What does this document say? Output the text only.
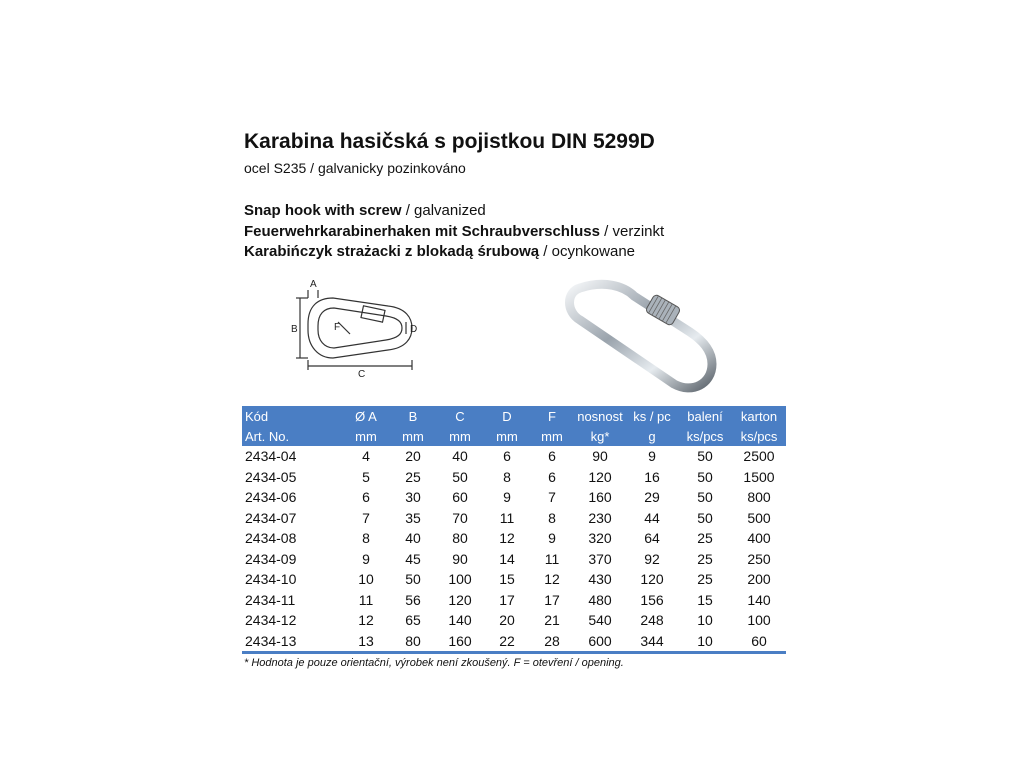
Karabina hasičská s pojistkou DIN 5299D
ocel S235 / galvanicky pozinkováno
Snap hook with screw / galvanized
Feuerwehrkarabinerhaken mit Schraubverschluss / verzinkt
Karabińczyk strażacki z blokadą śrubową / ocynkowane
A
B
C
D
F
Kód	Ø A	B	C	D	F	nosnost	ks / pc	balení	karton
Art. No.	mm	mm	mm	mm	mm	kg*	g	ks/pcs	ks/pcs
2434-04	4	20	40	6	6	90	9	50	2500
2434-05	5	25	50	8	6	120	16	50	1500
2434-06	6	30	60	9	7	160	29	50	800
2434-07	7	35	70	11	8	230	44	50	500
2434-08	8	40	80	12	9	320	64	25	400
2434-09	9	45	90	14	11	370	92	25	250
2434-10	10	50	100	15	12	430	120	25	200
2434-11	11	56	120	17	17	480	156	15	140
2434-12	12	65	140	20	21	540	248	10	100
2434-13	13	80	160	22	28	600	344	10	60
* Hodnota je pouze orientační, výrobek není zkoušený. F = otevření / opening.
